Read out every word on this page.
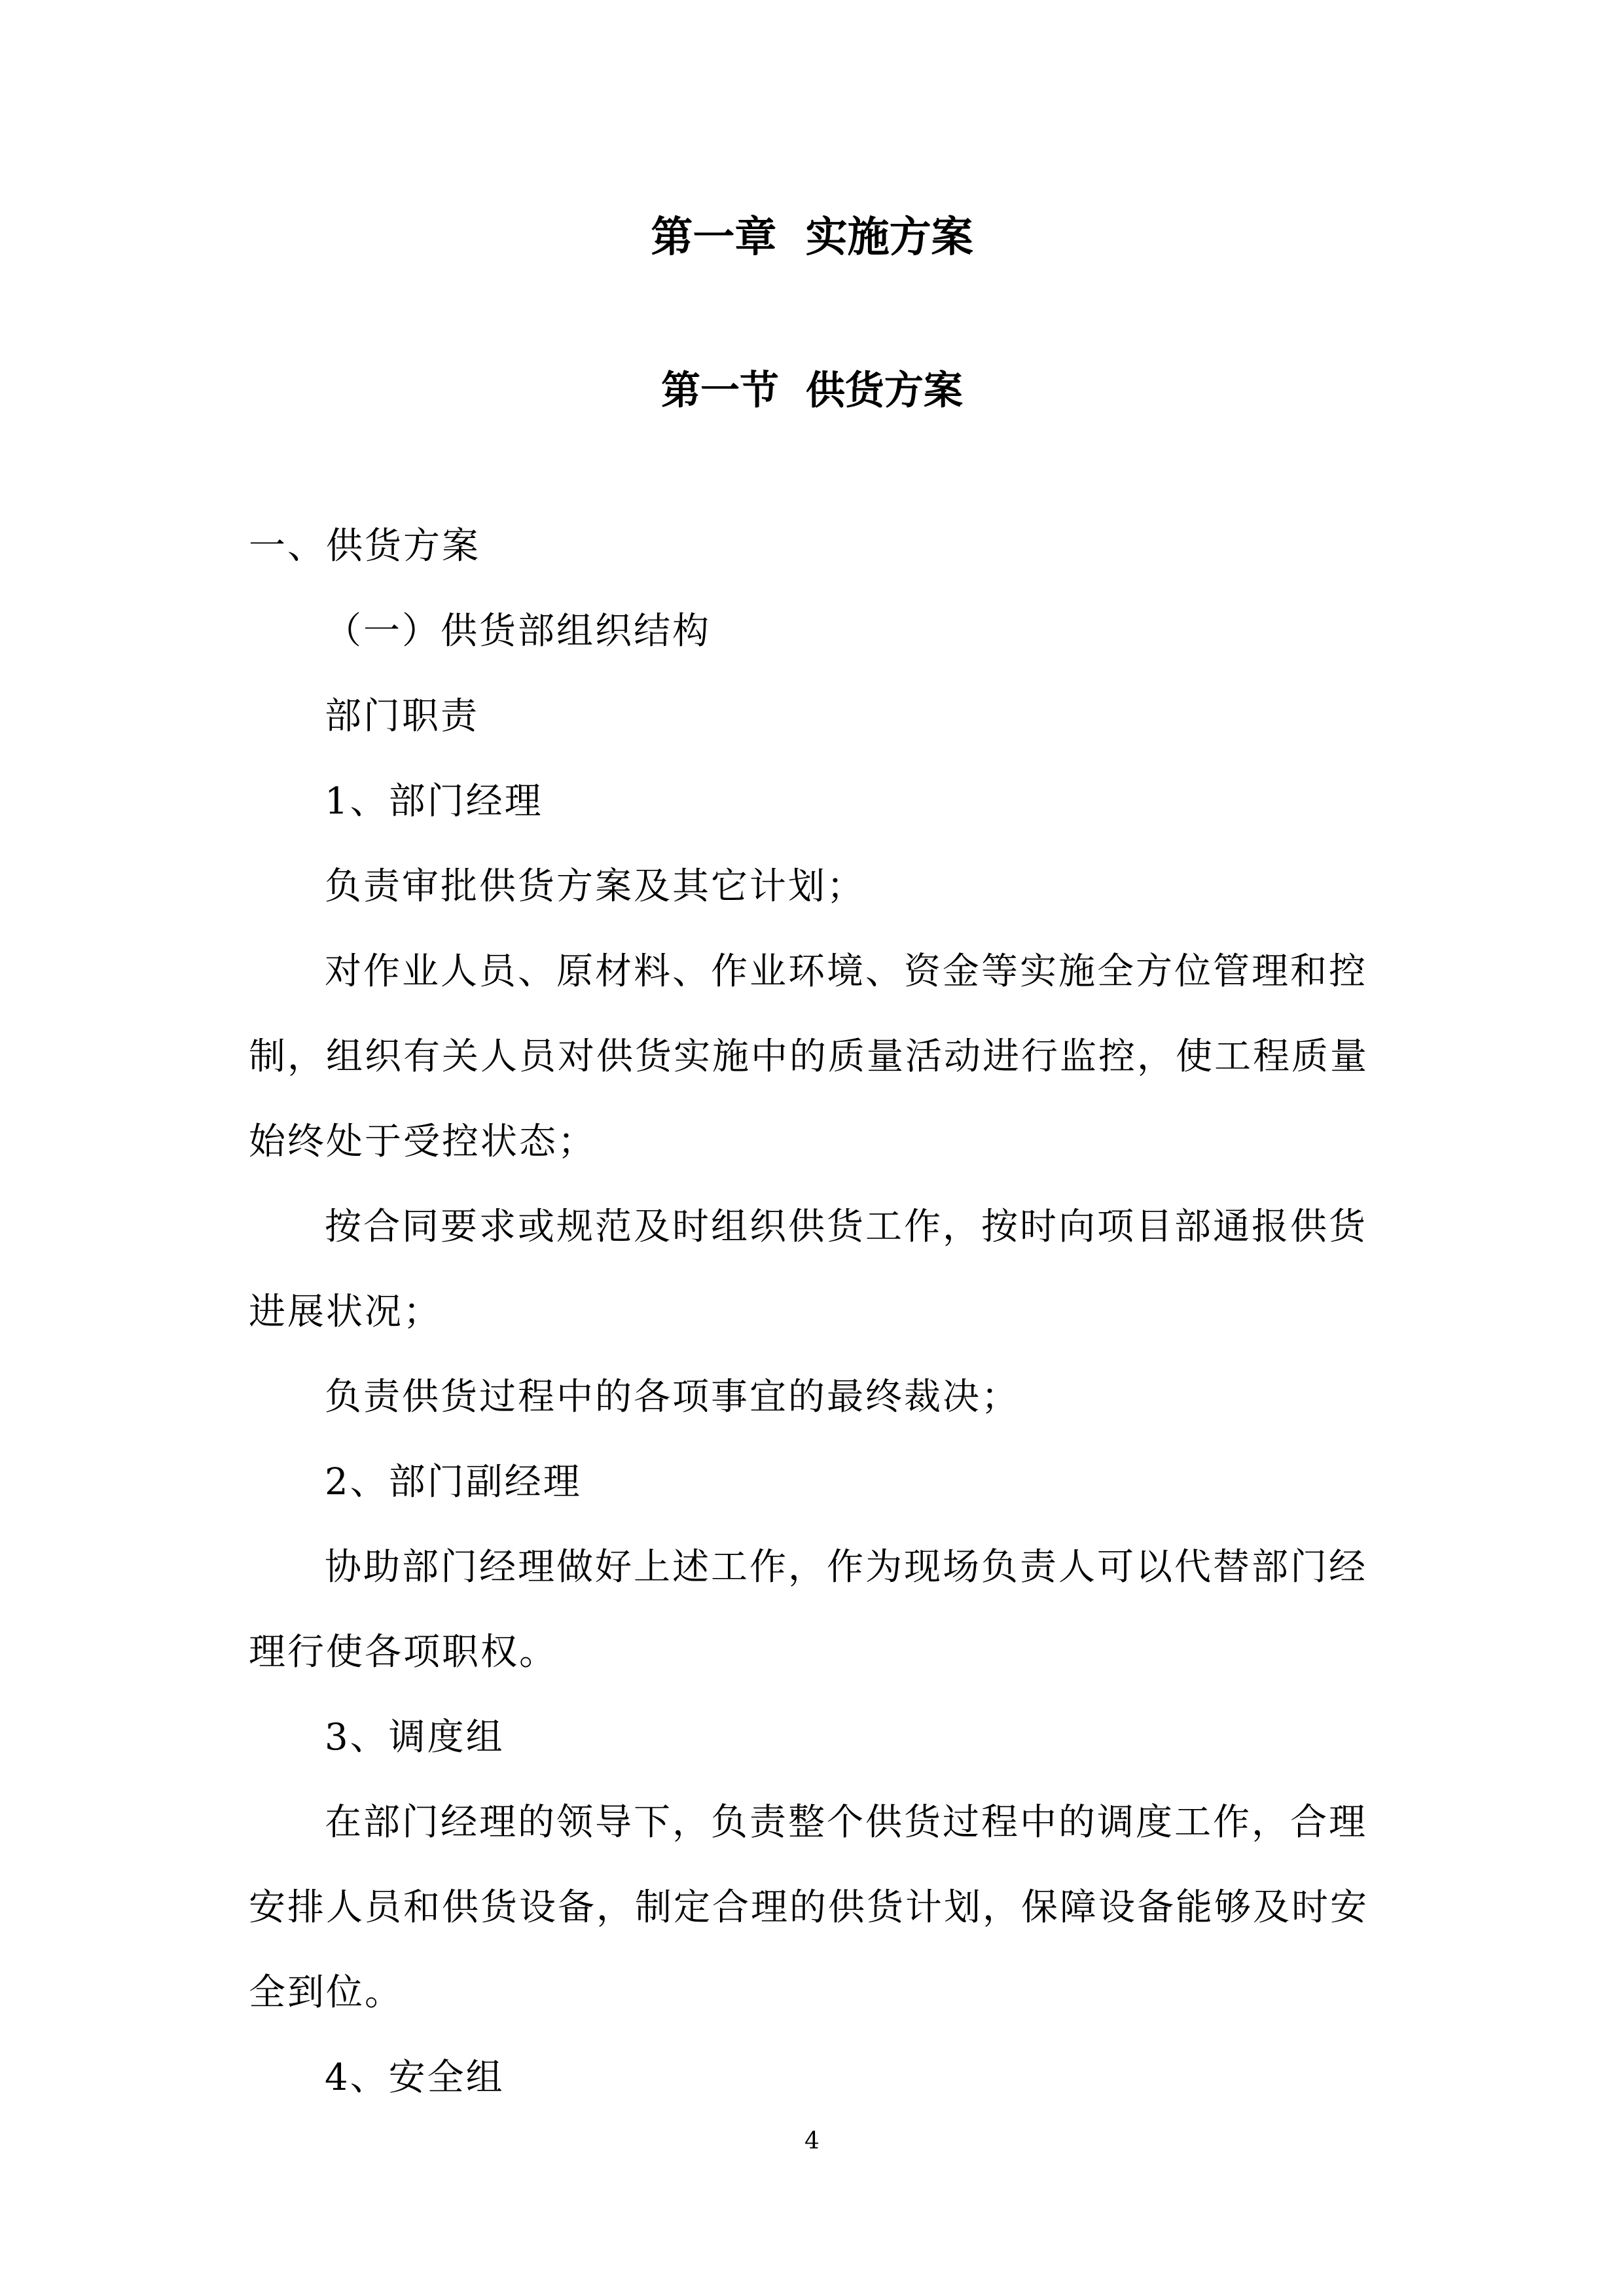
第一章 实施方案
第一节 供货方案

一、供货方案

（一）供货部组织结构

部门职责

1、部门经理

负责审批供货方案及其它计划；

对作业人员、原材料、作业环境、资金等实施全方位管理和控制，组织有关人员对供货实施中的质量活动进行监控，使工程质量始终处于受控状态；

按合同要求或规范及时组织供货工作，按时向项目部通报供货进展状况；

负责供货过程中的各项事宜的最终裁决；

2、部门副经理

协助部门经理做好上述工作，作为现场负责人可以代替部门经理行使各项职权。

3、调度组

在部门经理的领导下，负责整个供货过程中的调度工作，合理安排人员和供货设备，制定合理的供货计划，保障设备能够及时安全到位。

4、安全组

4
